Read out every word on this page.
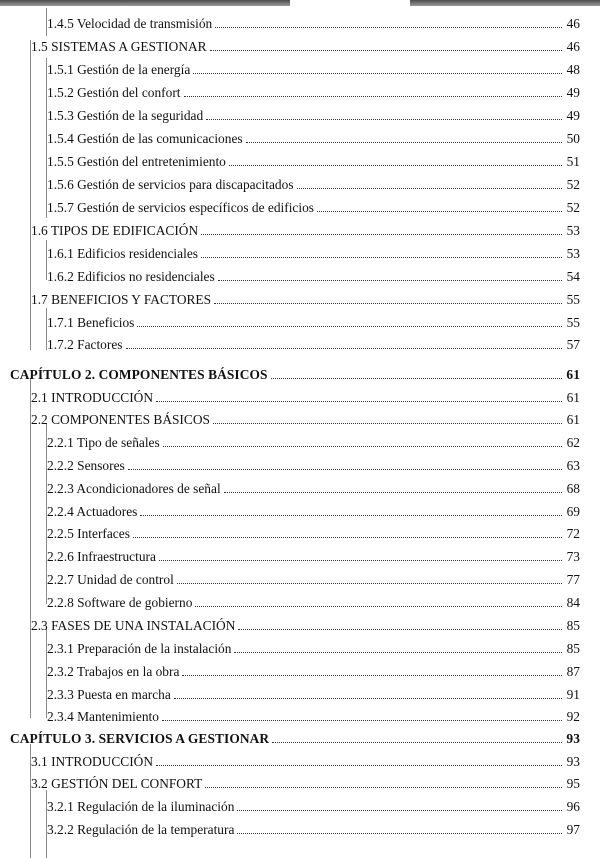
1.4.5 Velocidad de transmisión	46
1.5 SISTEMAS A GESTIONAR	46
1.5.1 Gestión de la energía	48
1.5.2 Gestión del confort	49
1.5.3 Gestión de la seguridad	49
1.5.4 Gestión de las comunicaciones	50
1.5.5 Gestión del entretenimiento	51
1.5.6 Gestión de servicios para discapacitados	52
1.5.7 Gestión de servicios específicos de edificios	52
1.6 TIPOS DE EDIFICACIÓN	53
1.6.1 Edificios residenciales	53
1.6.2 Edificios no residenciales	54
1.7 BENEFICIOS Y FACTORES	55
1.7.1 Beneficios	55
1.7.2 Factores	57
CAPÍTULO 2. COMPONENTES BÁSICOS	61
2.1 INTRODUCCIÓN	61
2.2 COMPONENTES BÁSICOS	61
2.2.1 Tipo de señales	62
2.2.2 Sensores	63
2.2.3 Acondicionadores de señal	68
2.2.4 Actuadores	69
2.2.5 Interfaces	72
2.2.6 Infraestructura	73
2.2.7 Unidad de control	77
2.2.8 Software de gobierno	84
2.3 FASES DE UNA INSTALACIÓN	85
2.3.1 Preparación de la instalación	85
2.3.2 Trabajos en la obra	87
2.3.3 Puesta en marcha	91
2.3.4 Mantenimiento	92
CAPÍTULO 3. SERVICIOS A GESTIONAR	93
3.1 INTRODUCCIÓN	93
3.2 GESTIÓN DEL CONFORT	95
3.2.1 Regulación de la iluminación	96
3.2.2 Regulación de la temperatura	97
